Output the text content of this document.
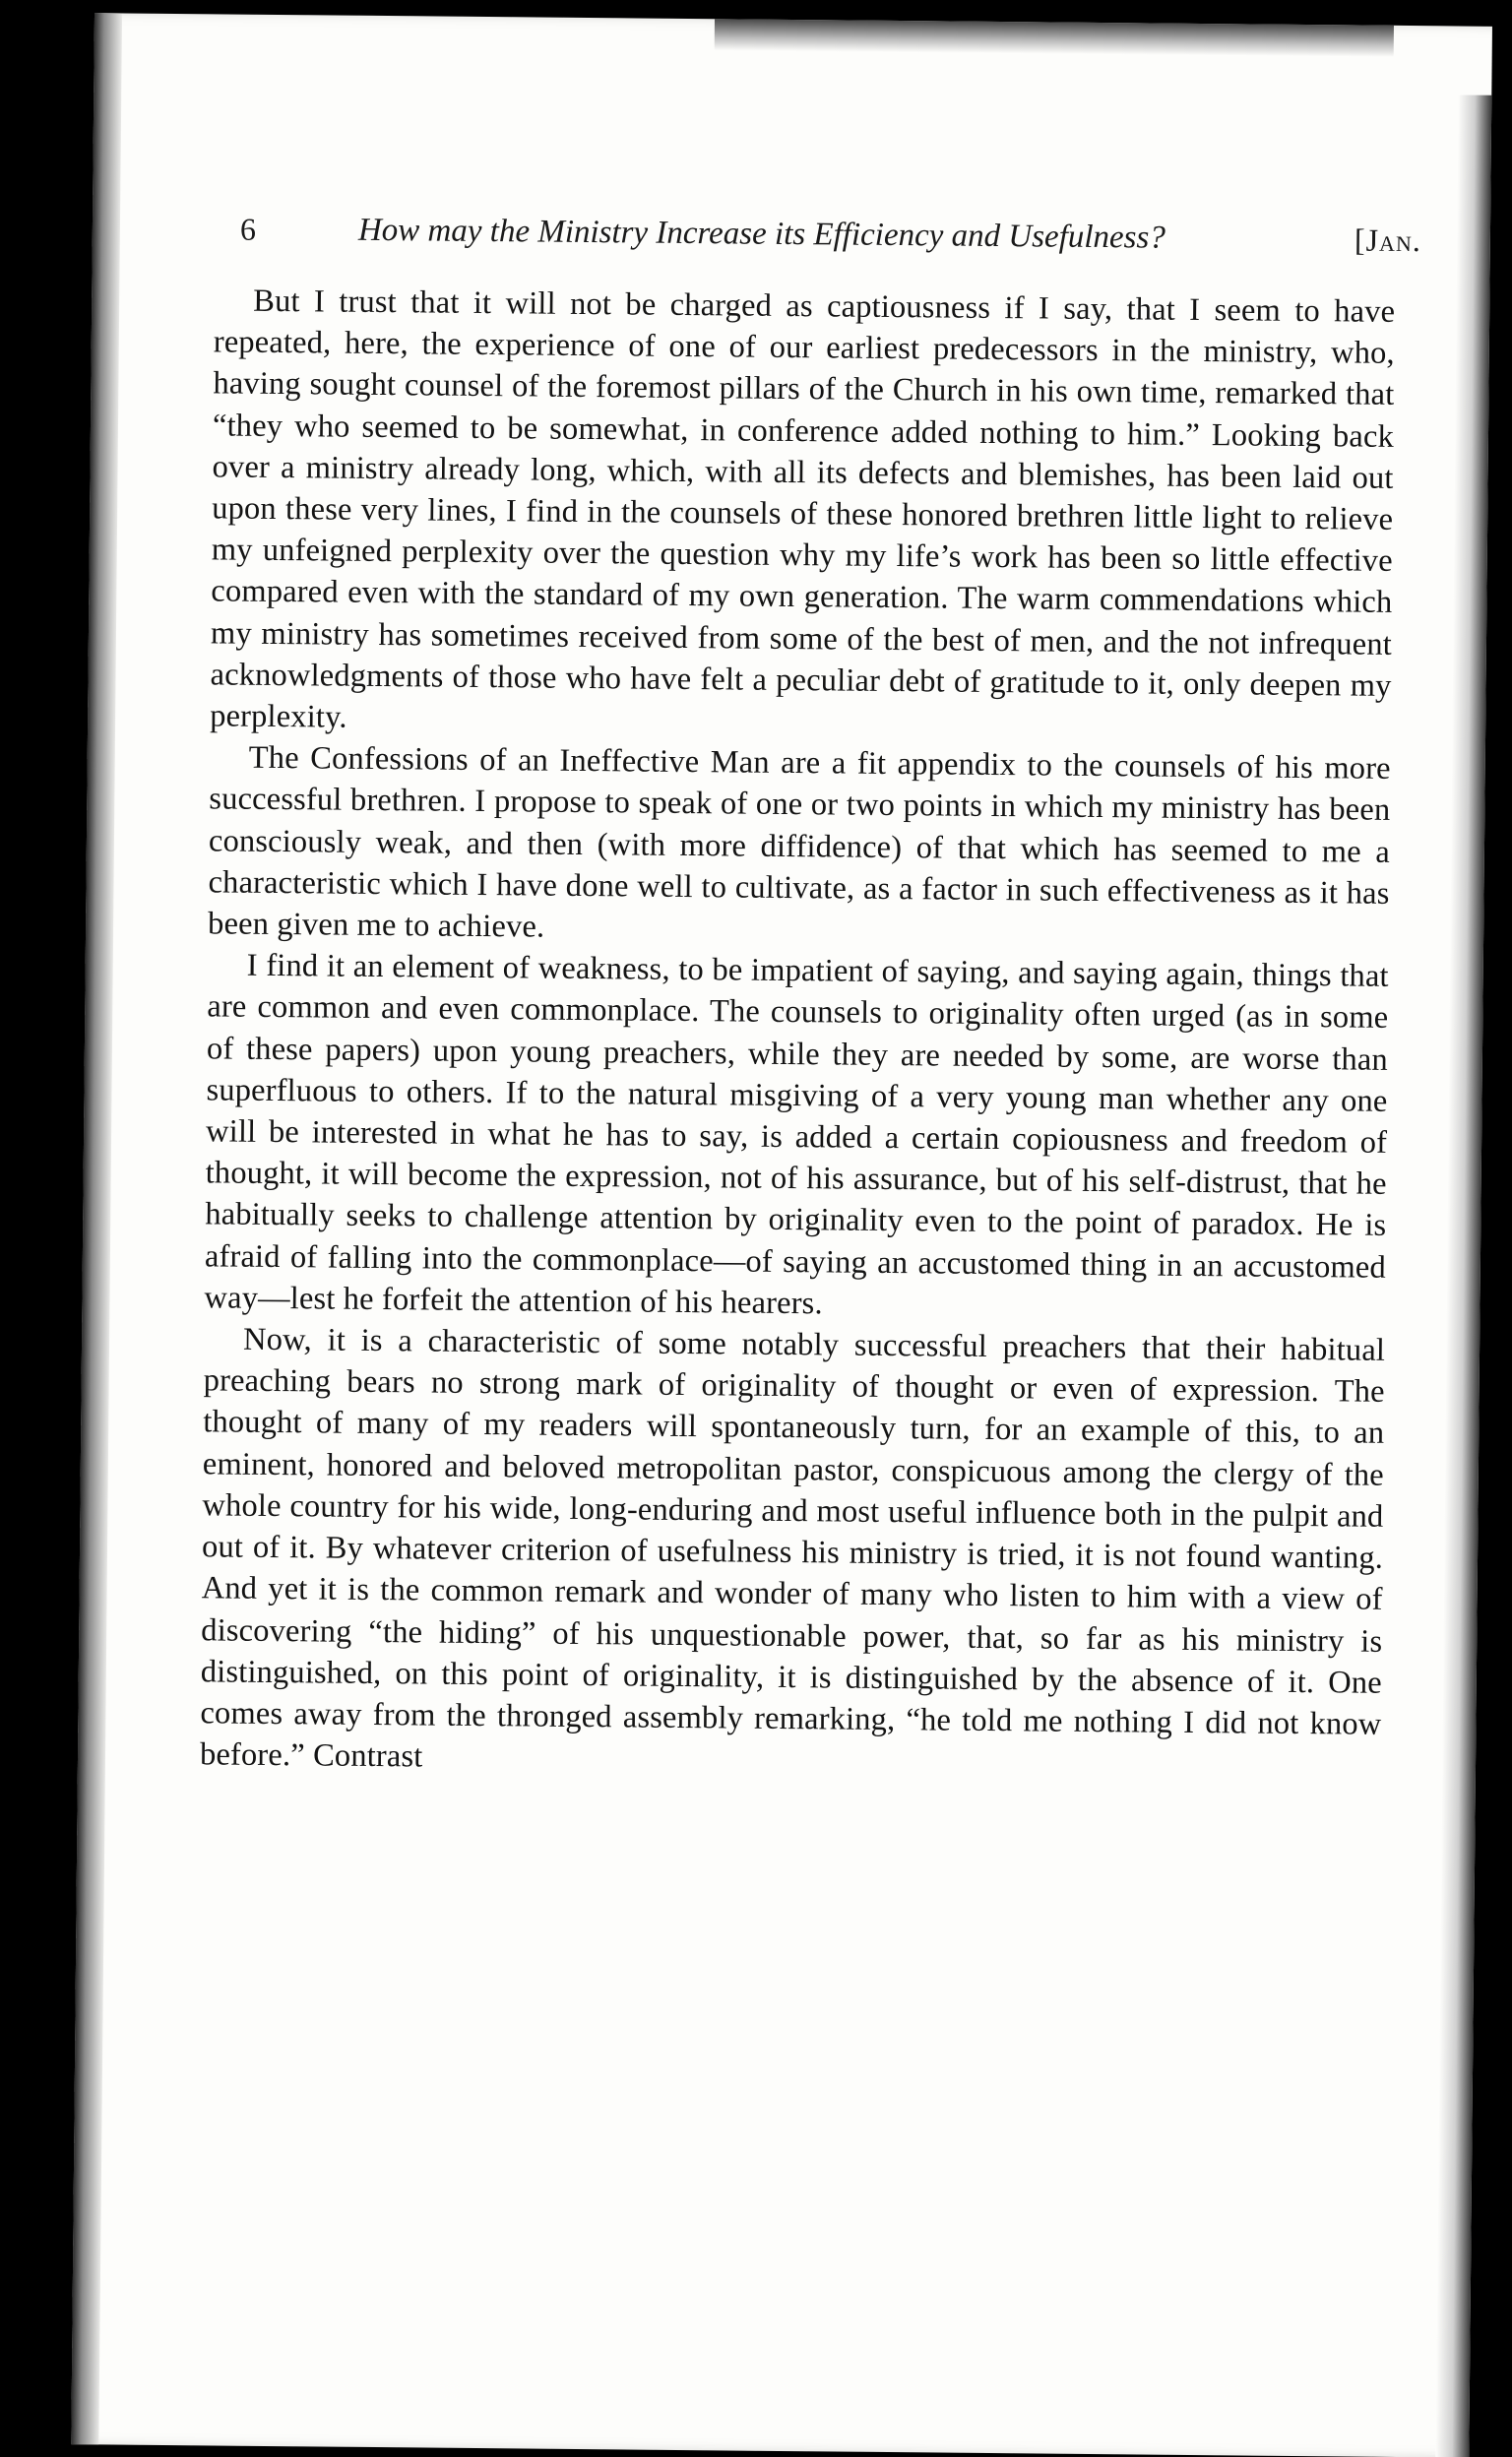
6	How may the Ministry Increase its Efficiency and Usefulness?	[Jan.

But I trust that it will not be charged as captiousness if I say, that I seem to have repeated, here, the experience of one of our earliest predecessors in the ministry, who, having sought counsel of the foremost pillars of the Church in his own time, remarked that “they who seemed to be somewhat, in conference added nothing to him.” Looking back over a ministry already long, which, with all its defects and blemishes, has been laid out upon these very lines, I find in the counsels of these honored brethren little light to relieve my unfeigned perplexity over the question why my life’s work has been so little effective compared even with the standard of my own generation. The warm commendations which my ministry has sometimes received from some of the best of men, and the not infrequent acknowledgments of those who have felt a peculiar debt of gratitude to it, only deepen my perplexity.

The Confessions of an Ineffective Man are a fit appendix to the counsels of his more successful brethren. I propose to speak of one or two points in which my ministry has been consciously weak, and then (with more diffidence) of that which has seemed to me a characteristic which I have done well to cultivate, as a factor in such effectiveness as it has been given me to achieve.

I find it an element of weakness, to be impatient of saying, and saying again, things that are common and even commonplace. The counsels to originality often urged (as in some of these papers) upon young preachers, while they are needed by some, are worse than superfluous to others. If to the natural misgiving of a very young man whether any one will be interested in what he has to say, is added a certain copiousness and freedom of thought, it will become the expression, not of his assurance, but of his self-distrust, that he habitually seeks to challenge attention by originality even to the point of paradox. He is afraid of falling into the commonplace—of saying an accustomed thing in an accustomed way—lest he forfeit the attention of his hearers.

Now, it is a characteristic of some notably successful preachers that their habitual preaching bears no strong mark of originality of thought or even of expression. The thought of many of my readers will spontaneously turn, for an example of this, to an eminent, honored and beloved metropolitan pastor, conspicuous among the clergy of the whole country for his wide, long-enduring and most useful influence both in the pulpit and out of it. By whatever criterion of usefulness his ministry is tried, it is not found wanting. And yet it is the common remark and wonder of many who listen to him with a view of discovering “the hiding” of his unquestionable power, that, so far as his ministry is distinguished, on this point of originality, it is distinguished by the absence of it. One comes away from the thronged assembly remarking, “he told me nothing I did not know before.” Contrast
